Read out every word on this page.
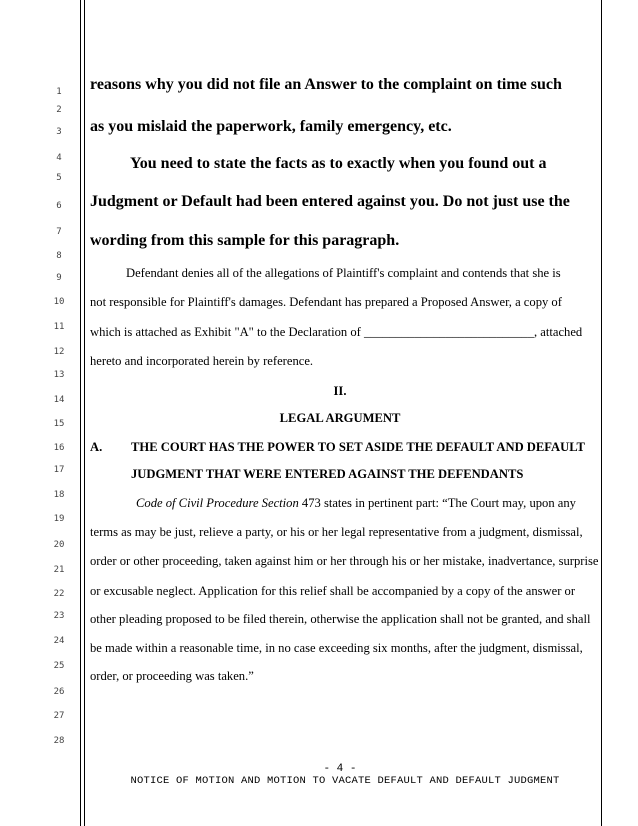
1
2
3
4
5
6
7
8
9
10
11
12
13
14
15
16
17
18
19
20
21
22
23
24
25
26
27
28
reasons why you did not file an Answer to the complaint on time such
as you mislaid the paperwork, family emergency, etc.
You need to state the facts as to exactly when you found out a
Judgment or Default had been entered against you. Do not just use the
wording from this sample for this paragraph.
Defendant denies all of the allegations of Plaintiff's complaint and contends that she is
not responsible for Plaintiff's damages. Defendant has prepared a Proposed Answer, a copy of
which is attached as Exhibit "A" to the Declaration of ___________________________, attached
hereto and incorporated herein by reference.
II.
LEGAL ARGUMENT
A. THE COURT HAS THE POWER TO SET ASIDE THE DEFAULT AND DEFAULT
JUDGMENT THAT WERE ENTERED AGAINST THE DEFENDANTS
Code of Civil Procedure Section 473 states in pertinent part: “The Court may, upon any
terms as may be just, relieve a party, or his or her legal representative from a judgment, dismissal,
order or other proceeding, taken against him or her through his or her mistake, inadvertance, surprise
or excusable neglect. Application for this relief shall be accompanied by a copy of the answer or
other pleading proposed to be filed therein, otherwise the application shall not be granted, and shall
be made within a reasonable time, in no case exceeding six months, after the judgment, dismissal,
order, or proceeding was taken.”
- 4 -
NOTICE OF MOTION AND MOTION TO VACATE DEFAULT AND DEFAULT JUDGMENT
